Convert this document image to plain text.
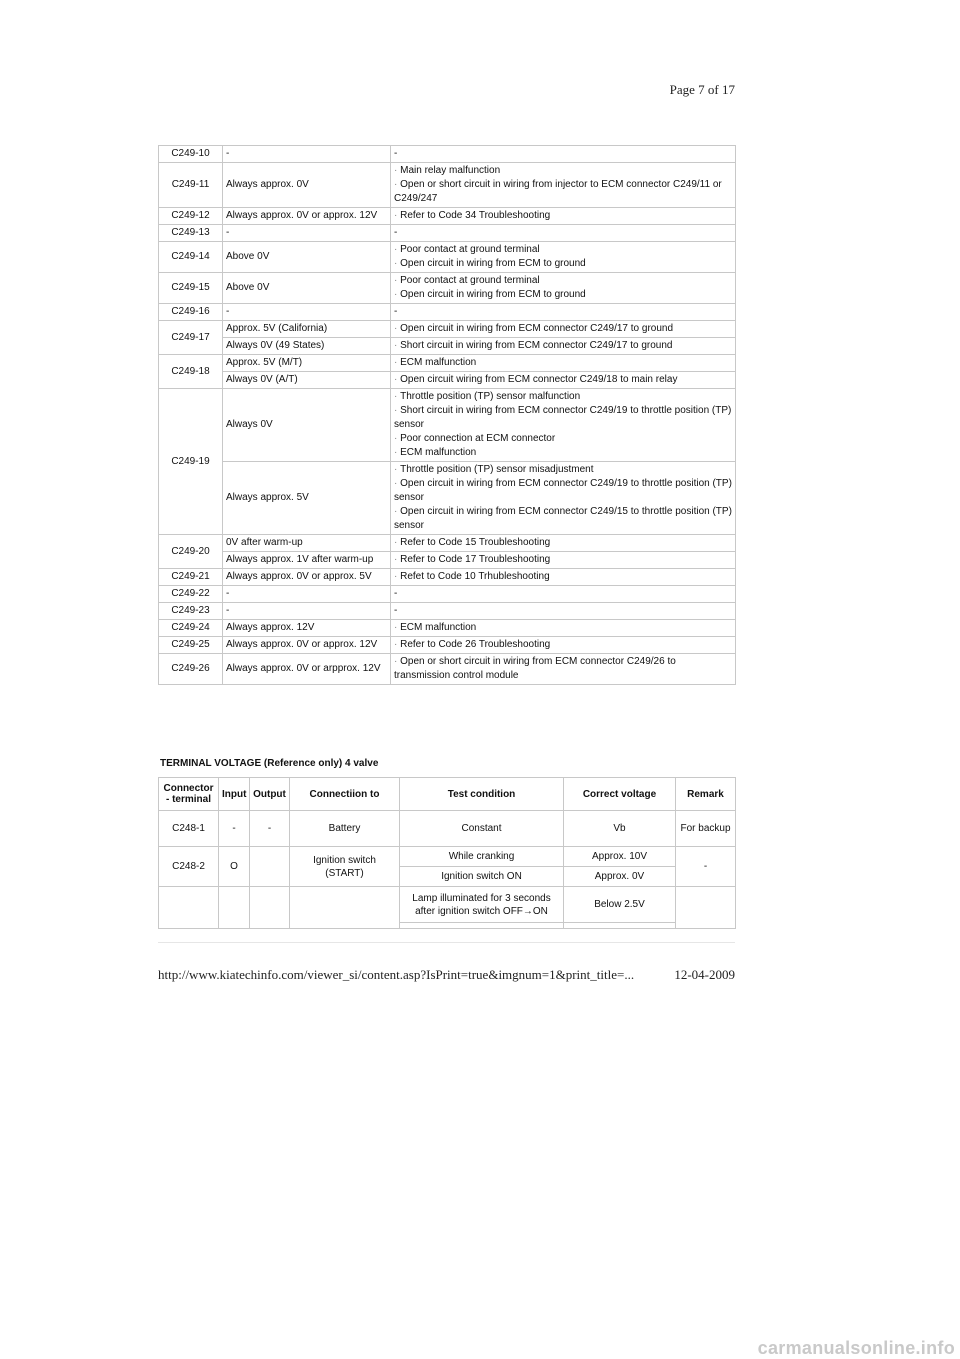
Page 7 of 17
C249-10	-	-
C249-11	Always approx. 0V	· Main relay malfunction
· Open or short circuit in wiring from injector to ECM connector C249/11 or C249/247

C249-12	Always approx. 0V or approx. 12V	· Refer to Code 34 Troubleshooting

C249-13	-	-
C249-14	Above 0V	· Poor contact at ground terminal
· Open circuit in wiring from ECM to ground

C249-15	Above 0V	· Poor contact at ground terminal
· Open circuit in wiring from ECM to ground

C249-16	-	-
C249-17	Approx. 5V (California)	· Open circuit in wiring from ECM connector C249/17 to ground

	Always 0V (49 States)	· Short circuit in wiring from ECM connector C249/17 to ground

C249-18	Approx. 5V (M/T)	· ECM malfunction

	Always 0V (A/T)	· Open circuit wiring from ECM connector C249/18 to main relay

C249-19	Always 0V	· Throttle position (TP) sensor malfunction
· Short circuit in wiring from ECM connector C249/19 to throttle position (TP) sensor
· Poor connection at ECM connector
· ECM malfunction

	Always approx. 5V	· Throttle position (TP) sensor misadjustment
· Open circuit in wiring from ECM connector C249/19 to throttle position (TP) sensor
· Open circuit in wiring from ECM connector C249/15 to throttle position (TP) sensor

C249-20	0V after warm-up	· Refer to Code 15 Troubleshooting

	Always approx. 1V after warm-up	· Refer to Code 17 Troubleshooting

C249-21	Always approx. 0V or approx. 5V	· Refet to Code 10 Trhubleshooting

C249-22	-	-
C249-23	-	-
C249-24	Always approx. 12V	· ECM malfunction

C249-25	Always approx. 0V or approx. 12V	· Refer to Code 26 Troubleshooting

C249-26	Always approx. 0V or arpprox. 12V	· Open or short circuit in wiring from ECM connector C249/26 to transmission control module
TERMINAL VOLTAGE (Reference only) 4 valve
Connector - terminal	Input	Output	Connectiion to	Test condition	Correct voltage	Remark
C248-1	-	-	Battery	Constant	Vb	For backup
C248-2	O		Ignition switch (START)	While cranking	Approx. 10V	-
				Ignition switch ON	Approx. 0V	
				Lamp illuminated for 3 seconds after ignition switch OFF→ON	Below 2.5V	

http://www.kiatechinfo.com/viewer_si/content.asp?IsPrint=true&imgnum=1&print_title=...	12-04-2009
carmanualsonline.info
